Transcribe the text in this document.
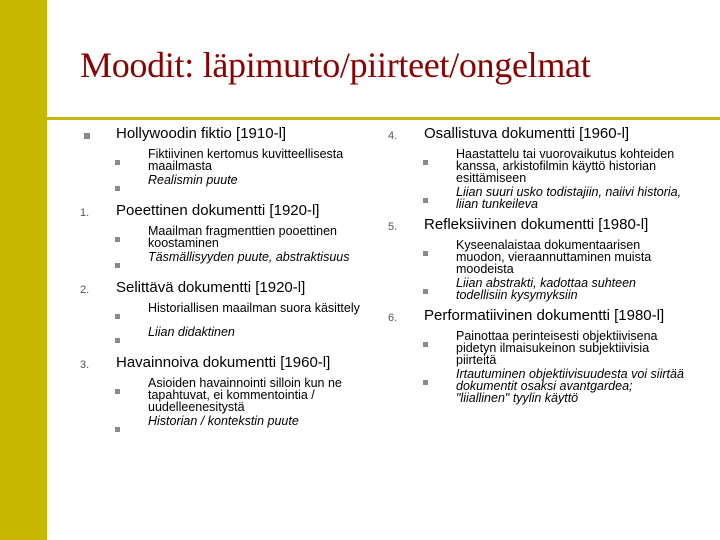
Moodit: läpimurto/piirteet/ongelmat
Hollywoodin fiktio [1910-l]
Fiktiivinen kertomus kuvitteellisesta maailmasta
Realismin puute
1.	Poeettinen dokumentti [1920-l]
Maailman fragmenttien pooettinen koostaminen
Täsmällisyyden puute, abstraktisuus
2.	Selittävä dokumentti [1920-l]
Historiallisen maailman suora käsittely
Liian didaktinen
3.	Havainnoiva dokumentti [1960-l]
Asioiden havainnointi silloin kun ne tapahtuvat, ei kommentointia / uudelleenesitystä
Historian / kontekstin puute
4.	Osallistuva dokumentti [1960-l]
Haastattelu tai vuorovaikutus kohteiden kanssa, arkistofilmin käyttö historian esittämiseen
Liian suuri usko todistajiin, naiivi historia, liian tunkeileva
5.	Refleksiivinen dokumentti [1980-l]
Kyseenalaistaa dokumentaarisen muodon, vieraannuttaminen muista moodeista
Liian abstrakti, kadottaa suhteen todellisiin kysymyksiin
6.	Performatiivinen dokumentti [1980-l]
Painottaa perinteisesti objektiivisena pidetyn ilmaisukeinon subjektiivisia piirteitä
Irtautuminen objektiivisuudesta voi siirtää dokumentit osaksi avantgardea; "liiallinen" tyylin käyttö
